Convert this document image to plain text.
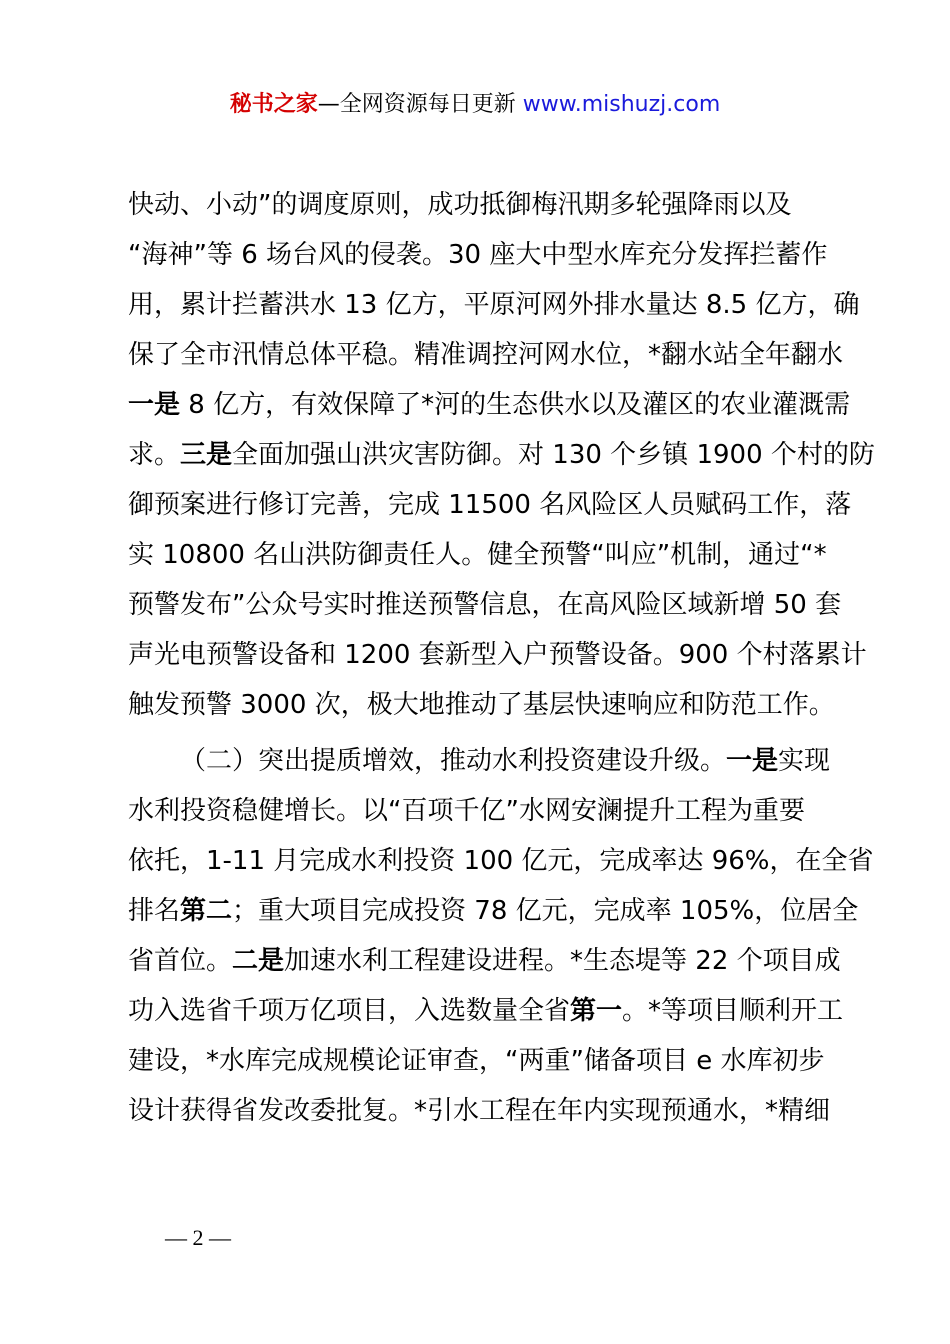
秘书之家—全网资源每日更新 www.mishuzj.com
快动、小动”的调度原则，成功抵御梅汛期多轮强降雨以及
“海神”等 6 场台风的侵袭。30 座大中型水库充分发挥拦蓄作
用，累计拦蓄洪水 13 亿方，平原河网外排水量达 8.5 亿方，确
保了全市汛情总体平稳。精准调控河网水位，*翻水站全年翻水
一是 8 亿方，有效保障了*河的生态供水以及灌区的农业灌溉需
求。三是全面加强山洪灾害防御。对 130 个乡镇 1900 个村的防
御预案进行修订完善，完成 11500 名风险区人员赋码工作，落
实 10800 名山洪防御责任人。健全预警“叫应”机制，通过“*
预警发布”公众号实时推送预警信息，在高风险区域新增 50 套
声光电预警设备和 1200 套新型入户预警设备。900 个村落累计
触发预警 3000 次，极大地推动了基层快速响应和防范工作。
（二）突出提质增效，推动水利投资建设升级。一是实现
水利投资稳健增长。以“百项千亿”水网安澜提升工程为重要
依托，1-11 月完成水利投资 100 亿元，完成率达 96%，在全省
排名第二；重大项目完成投资 78 亿元，完成率 105%，位居全
省首位。二是加速水利工程建设进程。*生态堤等 22 个项目成
功入选省千项万亿项目，入选数量全省第一。*等项目顺利开工
建设，*水库完成规模论证审查，“两重”储备项目 e 水库初步
设计获得省发改委批复。*引水工程在年内实现预通水，*精细
— 2 —
